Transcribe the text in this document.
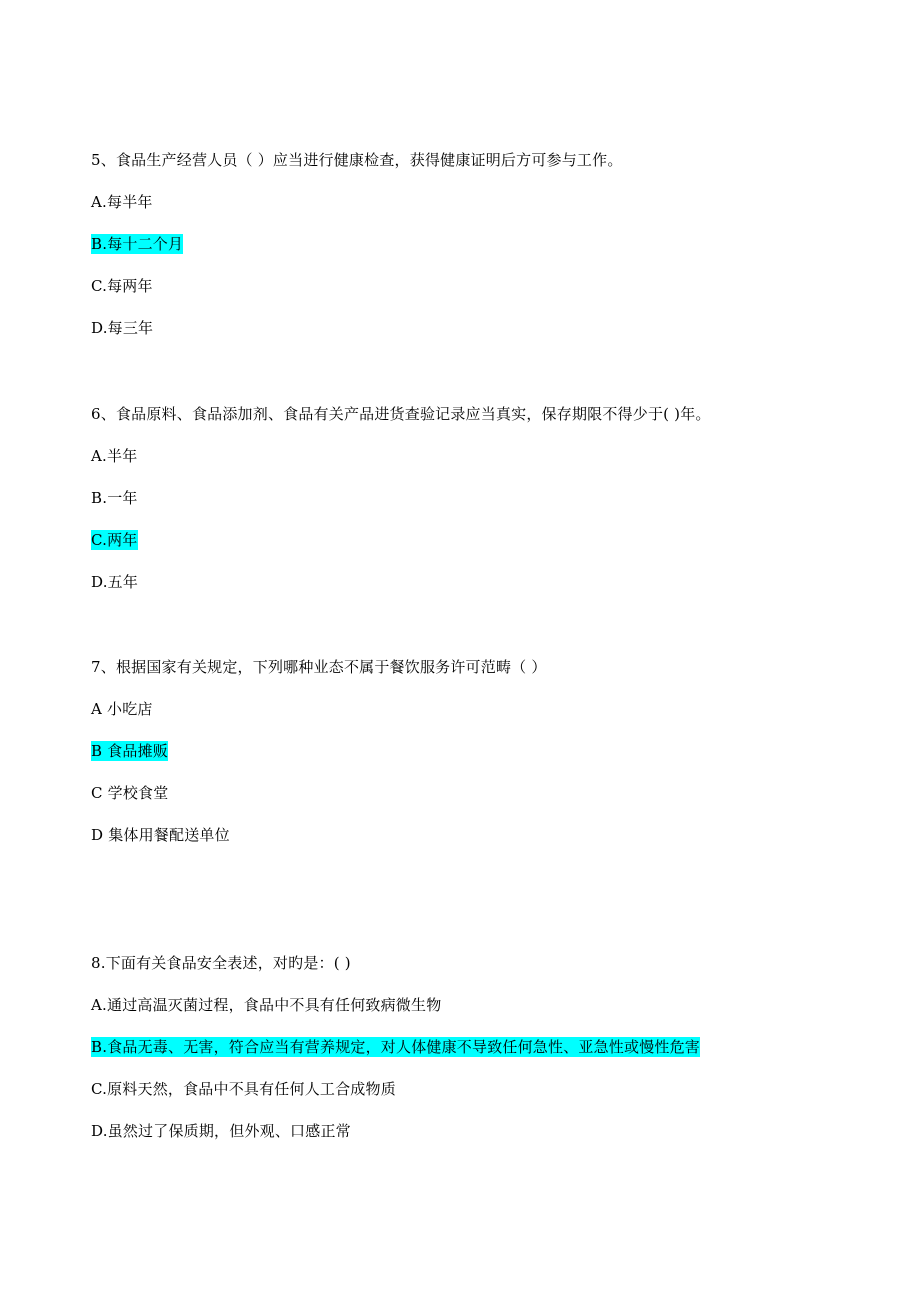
5、食品生产经营人员（ ）应当进行健康检查，获得健康证明后方可参与工作。
A.每半年
B.每十二个月
C.每两年
D.每三年
6、食品原料、食品添加剂、食品有关产品进货查验记录应当真实，保存期限不得少于( )年。
A.半年
B.一年
C.两年
D.五年
7、根据国家有关规定，下列哪种业态不属于餐饮服务许可范畴（ ）
A 小吃店
B 食品摊贩
C 学校食堂
D 集体用餐配送单位
8.下面有关食品安全表述，对旳是：( )
A.通过高温灭菌过程，食品中不具有任何致病微生物
B.食品无毒、无害，符合应当有营养规定，对人体健康不导致任何急性、亚急性或慢性危害
C.原料天然，食品中不具有任何人工合成物质
D.虽然过了保质期，但外观、口感正常
